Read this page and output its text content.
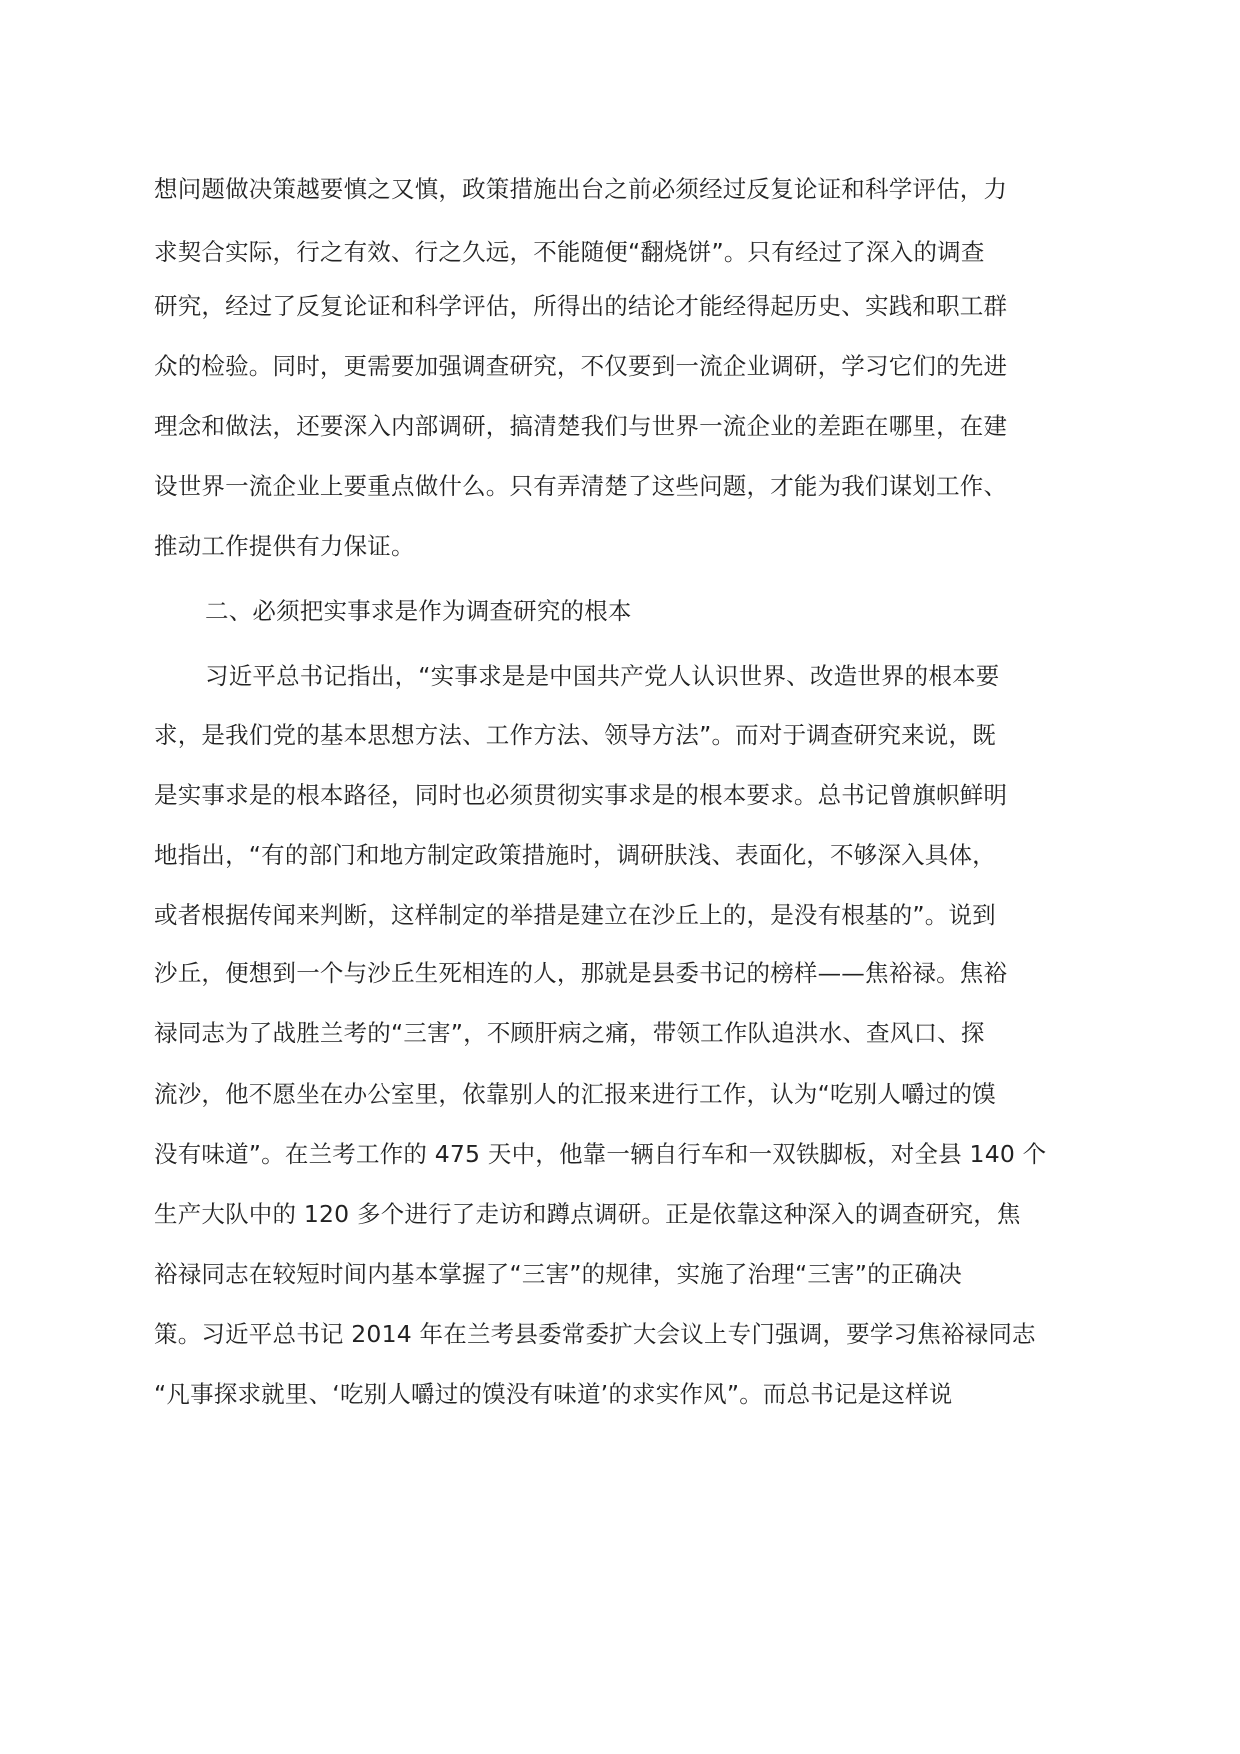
想问题做决策越要慎之又慎，政策措施出台之前必须经过反复论证和科学评估，力
求契合实际，行之有效、行之久远，不能随便“翻烧饼”。只有经过了深入的调查
研究，经过了反复论证和科学评估，所得出的结论才能经得起历史、实践和职工群
众的检验。同时，更需要加强调查研究，不仅要到一流企业调研，学习它们的先进
理念和做法，还要深入内部调研，搞清楚我们与世界一流企业的差距在哪里，在建
设世界一流企业上要重点做什么。只有弄清楚了这些问题，才能为我们谋划工作、
推动工作提供有力保证。
二、必须把实事求是作为调查研究的根本
习近平总书记指出，“实事求是是中国共产党人认识世界、改造世界的根本要
求，是我们党的基本思想方法、工作方法、领导方法”。而对于调查研究来说，既
是实事求是的根本路径，同时也必须贯彻实事求是的根本要求。总书记曾旗帜鲜明
地指出，“有的部门和地方制定政策措施时，调研肤浅、表面化，不够深入具体，
或者根据传闻来判断，这样制定的举措是建立在沙丘上的，是没有根基的”。说到
沙丘，便想到一个与沙丘生死相连的人，那就是县委书记的榜样——焦裕禄。焦裕
禄同志为了战胜兰考的“三害”，不顾肝病之痛，带领工作队追洪水、查风口、探
流沙，他不愿坐在办公室里，依靠别人的汇报来进行工作，认为“吃别人嚼过的馍
没有味道”。在兰考工作的 475 天中，他靠一辆自行车和一双铁脚板，对全县 140 个
生产大队中的 120 多个进行了走访和蹲点调研。正是依靠这种深入的调查研究，焦
裕禄同志在较短时间内基本掌握了“三害”的规律，实施了治理“三害”的正确决
策。习近平总书记 2014 年在兰考县委常委扩大会议上专门强调，要学习焦裕禄同志
“凡事探求就里、‘吃别人嚼过的馍没有味道’的求实作风”。而总书记是这样说
